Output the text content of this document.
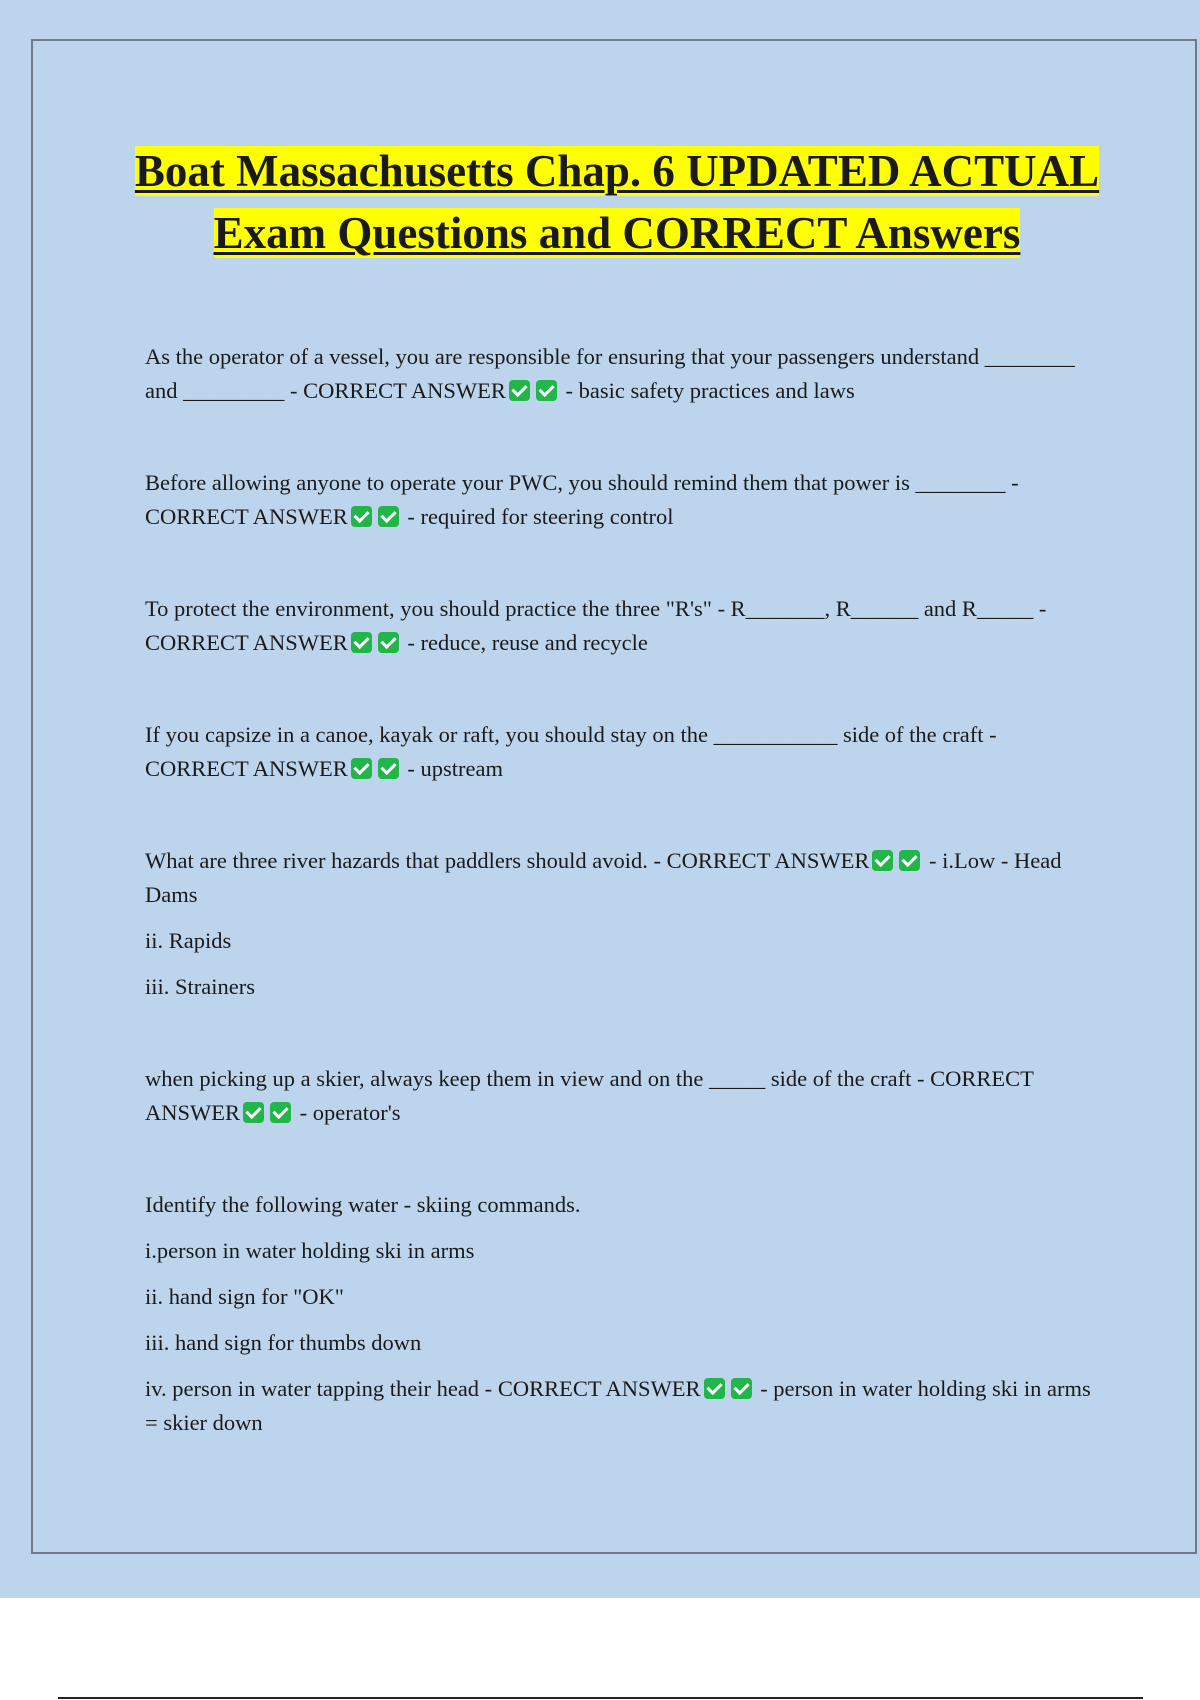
Boat Massachusetts Chap. 6 UPDATED ACTUAL Exam Questions and CORRECT Answers

As the operator of a vessel, you are responsible for ensuring that your passengers understand ________ and _________ - CORRECT ANSWER - basic safety practices and laws

Before allowing anyone to operate your PWC, you should remind them that power is ________ - CORRECT ANSWER - required for steering control

To protect the environment, you should practice the three "R's" - R_______, R______ and R_____ - CORRECT ANSWER - reduce, reuse and recycle

If you capsize in a canoe, kayak or raft, you should stay on the ___________ side of the craft - CORRECT ANSWER - upstream

What are three river hazards that paddlers should avoid. - CORRECT ANSWER - i.Low - Head Dams

ii. Rapids

iii. Strainers

when picking up a skier, always keep them in view and on the _____ side of the craft - CORRECT ANSWER - operator's

Identify the following water - skiing commands.

i.person in water holding ski in arms

ii. hand sign for "OK"

iii. hand sign for thumbs down

iv. person in water tapping their head - CORRECT ANSWER - person in water holding ski in arms = skier down
